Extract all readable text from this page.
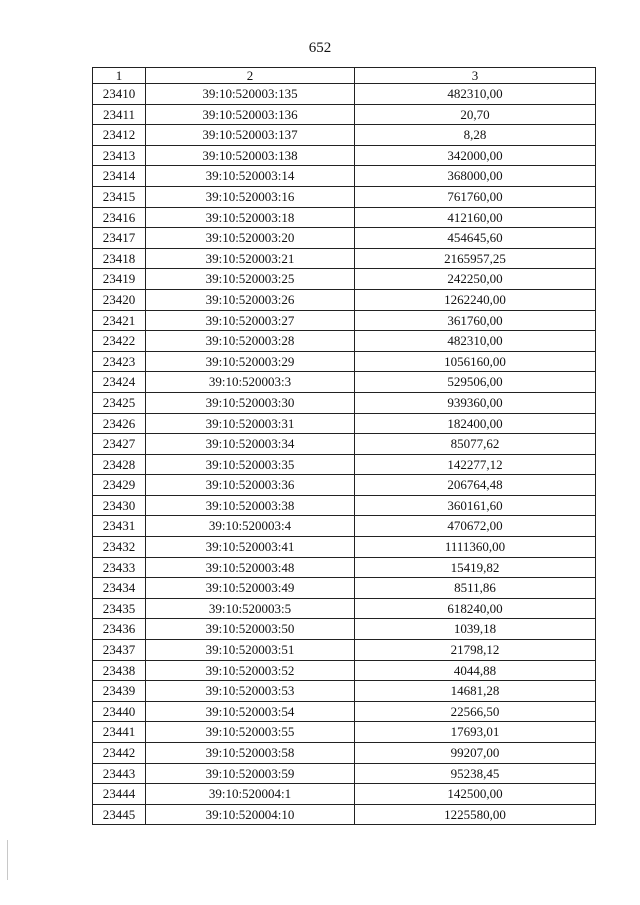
652
1	2	3
23410	39:10:520003:135	482310,00
23411	39:10:520003:136	20,70
23412	39:10:520003:137	8,28
23413	39:10:520003:138	342000,00
23414	39:10:520003:14	368000,00
23415	39:10:520003:16	761760,00
23416	39:10:520003:18	412160,00
23417	39:10:520003:20	454645,60
23418	39:10:520003:21	2165957,25
23419	39:10:520003:25	242250,00
23420	39:10:520003:26	1262240,00
23421	39:10:520003:27	361760,00
23422	39:10:520003:28	482310,00
23423	39:10:520003:29	1056160,00
23424	39:10:520003:3	529506,00
23425	39:10:520003:30	939360,00
23426	39:10:520003:31	182400,00
23427	39:10:520003:34	85077,62
23428	39:10:520003:35	142277,12
23429	39:10:520003:36	206764,48
23430	39:10:520003:38	360161,60
23431	39:10:520003:4	470672,00
23432	39:10:520003:41	1111360,00
23433	39:10:520003:48	15419,82
23434	39:10:520003:49	8511,86
23435	39:10:520003:5	618240,00
23436	39:10:520003:50	1039,18
23437	39:10:520003:51	21798,12
23438	39:10:520003:52	4044,88
23439	39:10:520003:53	14681,28
23440	39:10:520003:54	22566,50
23441	39:10:520003:55	17693,01
23442	39:10:520003:58	99207,00
23443	39:10:520003:59	95238,45
23444	39:10:520004:1	142500,00
23445	39:10:520004:10	1225580,00
